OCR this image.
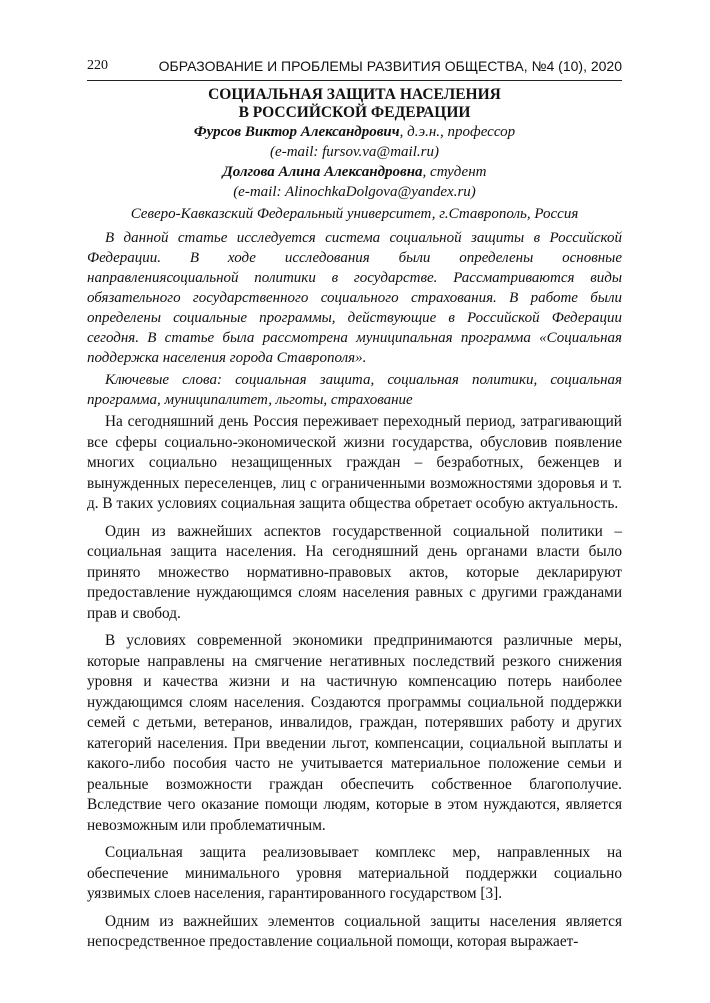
220	ОБРАЗОВАНИЕ И ПРОБЛЕМЫ РАЗВИТИЯ ОБЩЕСТВА, №4 (10), 2020
СОЦИАЛЬНАЯ ЗАЩИТА НАСЕЛЕНИЯ
В РОССИЙСКОЙ ФЕДЕРАЦИИ
Фурсов Виктор Александрович, д.э.н., профессор
(e-mail: fursov.va@mail.ru)
Долгова Алина Александровна, студент
(e-mail: AlinochkaDolgova@yandex.ru)
Северо-Кавказский Федеральный университет, г.Ставрополь, Россия

В данной статье исследуется система социальной защиты в Российской Федерации. В ходе исследования были определены основные направлениясоциальной политики в государстве. Рассматриваются виды обязательного государственного социального страхования. В работе были определены социальные программы, действующие в Российской Федерации сегодня. В статье была рассмотрена муниципальная программа «Социальная поддержка населения города Ставрополя».

Ключевые слова: социальная защита, социальная политики, социальная программа, муниципалитет, льготы, страхование

На сегодняшний день Россия переживает переходный период, затрагивающий все сферы социально-экономической жизни государства, обусловив появление многих социально незащищенных граждан – безработных, беженцев и вынужденных переселенцев, лиц с ограниченными возможностями здоровья и т. д. В таких условиях социальная защита общества обретает особую актуальность.

Один из важнейших аспектов государственной социальной политики – социальная защита населения. На сегодняшний день органами власти было принято множество нормативно-правовых актов, которые декларируют предоставление нуждающимся слоям населения равных с другими гражданами прав и свобод.

В условиях современной экономики предпринимаются различные меры, которые направлены на смягчение негативных последствий резкого снижения уровня и качества жизни и на частичную компенсацию потерь наиболее нуждающимся слоям населения. Создаются программы социальной поддержки семей с детьми, ветеранов, инвалидов, граждан, потерявших работу и других категорий населения. При введении льгот, компенсации, социальной выплаты и какого-либо пособия часто не учитывается материальное положение семьи и реальные возможности граждан обеспечить собственное благополучие. Вследствие чего оказание помощи людям, которые в этом нуждаются, является невозможным или проблематичным.

Социальная защита реализовывает комплекс мер, направленных на обеспечение минимального уровня материальной поддержки социально уязвимых слоев населения, гарантированного государством [3].

Одним из важнейших элементов социальной защиты населения является непосредственное предоставление социальной помощи, которая выражает-
